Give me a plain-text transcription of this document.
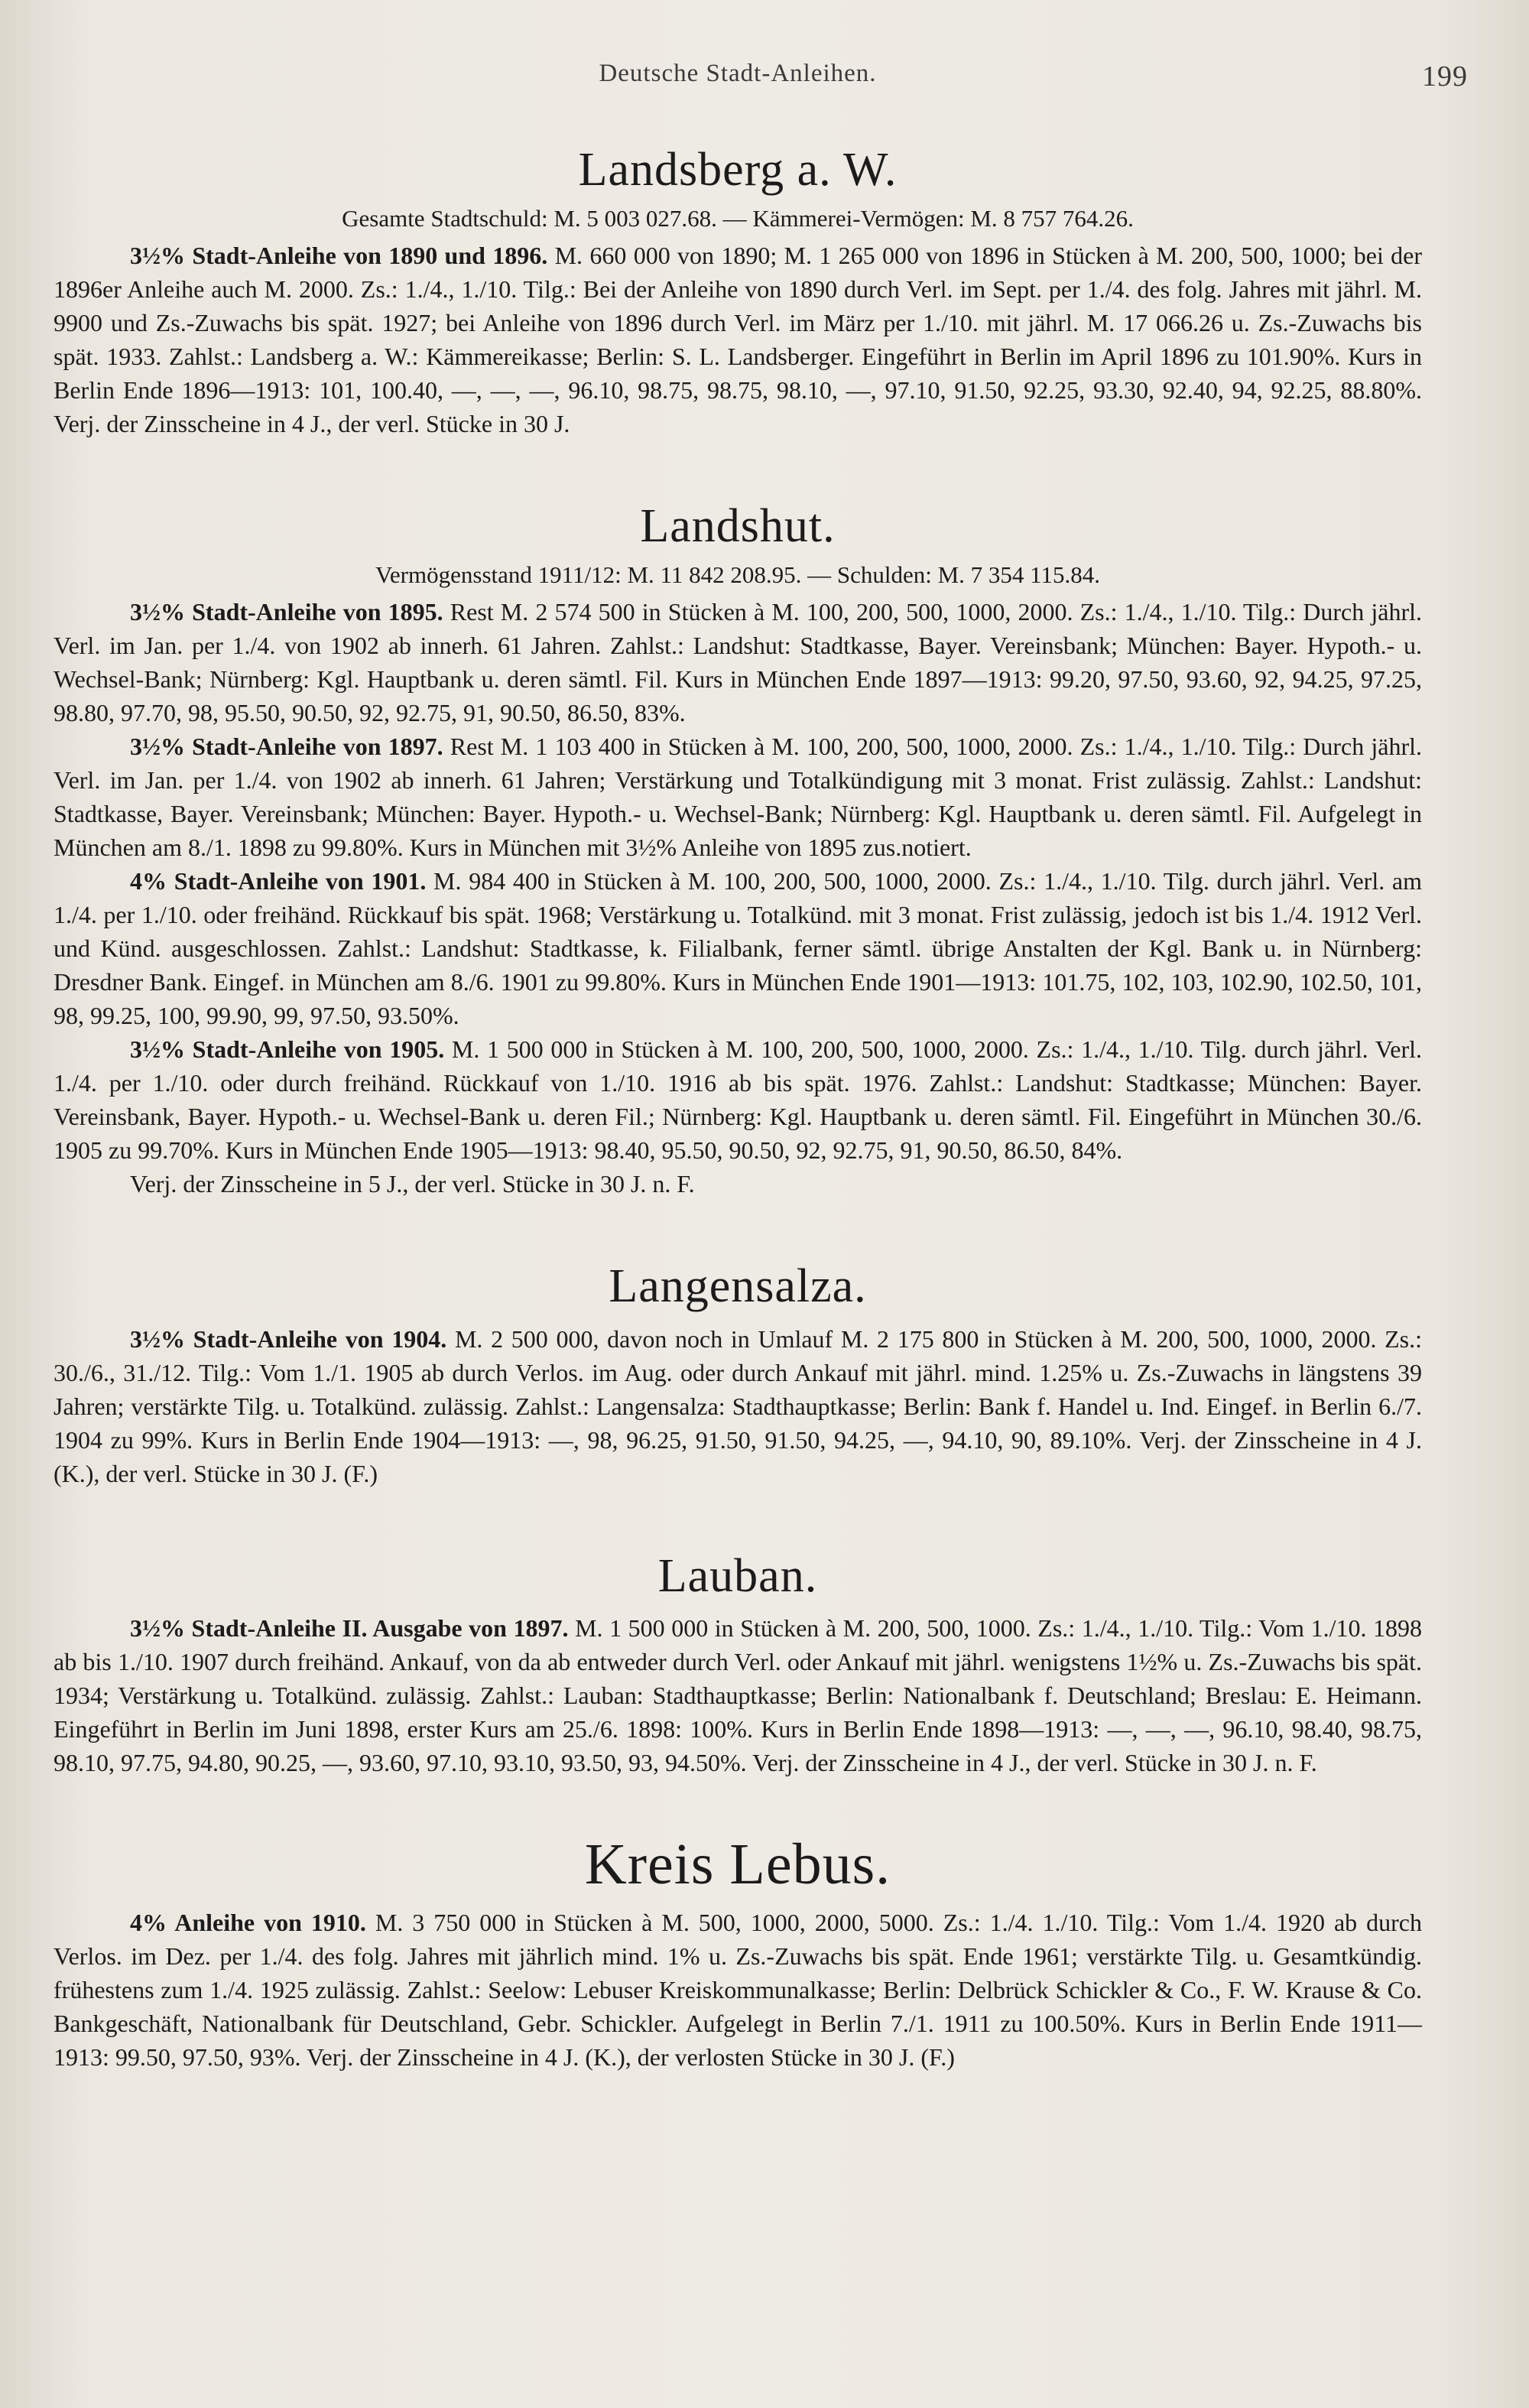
Deutsche Stadt-Anleihen.	199
Landsberg a. W.
Gesamte Stadtschuld: M. 5 003 027.68. — Kämmerei-Vermögen: M. 8 757 764.26.

3½% Stadt-Anleihe von 1890 und 1896. M. 660 000 von 1890; M. 1 265 000 von 1896 in Stücken à M. 200, 500, 1000; bei der 1896er Anleihe auch M. 2000. Zs.: 1./4., 1./10. Tilg.: Bei der Anleihe von 1890 durch Verl. im Sept. per 1./4. des folg. Jahres mit jährl. M. 9900 und Zs.-Zuwachs bis spät. 1927; bei Anleihe von 1896 durch Verl. im März per 1./10. mit jährl. M. 17 066.26 u. Zs.-Zuwachs bis spät. 1933. Zahlst.: Landsberg a. W.: Kämmereikasse; Berlin: S. L. Landsberger. Eingeführt in Berlin im April 1896 zu 101.90%. Kurs in Berlin Ende 1896—1913: 101, 100.40, —, —, —, 96.10, 98.75, 98.75, 98.10, —, 97.10, 91.50, 92.25, 93.30, 92.40, 94, 92.25, 88.80%. Verj. der Zinsscheine in 4 J., der verl. Stücke in 30 J.

Landshut.
Vermögensstand 1911/12: M. 11 842 208.95. — Schulden: M. 7 354 115.84.

3½% Stadt-Anleihe von 1895. Rest M. 2 574 500 in Stücken à M. 100, 200, 500, 1000, 2000. Zs.: 1./4., 1./10. Tilg.: Durch jährl. Verl. im Jan. per 1./4. von 1902 ab innerh. 61 Jahren. Zahlst.: Landshut: Stadtkasse, Bayer. Vereinsbank; München: Bayer. Hypoth.- u. Wechsel-Bank; Nürnberg: Kgl. Hauptbank u. deren sämtl. Fil. Kurs in München Ende 1897—1913: 99.20, 97.50, 93.60, 92, 94.25, 97.25, 98.80, 97.70, 98, 95.50, 90.50, 92, 92.75, 91, 90.50, 86.50, 83%.

3½% Stadt-Anleihe von 1897. Rest M. 1 103 400 in Stücken à M. 100, 200, 500, 1000, 2000. Zs.: 1./4., 1./10. Tilg.: Durch jährl. Verl. im Jan. per 1./4. von 1902 ab innerh. 61 Jahren; Verstärkung und Totalkündigung mit 3 monat. Frist zulässig. Zahlst.: Landshut: Stadtkasse, Bayer. Vereinsbank; München: Bayer. Hypoth.- u. Wechsel-Bank; Nürnberg: Kgl. Hauptbank u. deren sämtl. Fil. Aufgelegt in München am 8./1. 1898 zu 99.80%. Kurs in München mit 3½% Anleihe von 1895 zus.notiert.

4% Stadt-Anleihe von 1901. M. 984 400 in Stücken à M. 100, 200, 500, 1000, 2000. Zs.: 1./4., 1./10. Tilg. durch jährl. Verl. am 1./4. per 1./10. oder freihänd. Rückkauf bis spät. 1968; Verstärkung u. Totalkünd. mit 3 monat. Frist zulässig, jedoch ist bis 1./4. 1912 Verl. und Künd. ausgeschlossen. Zahlst.: Landshut: Stadtkasse, k. Filialbank, ferner sämtl. übrige Anstalten der Kgl. Bank u. in Nürnberg: Dresdner Bank. Eingef. in München am 8./6. 1901 zu 99.80%. Kurs in München Ende 1901—1913: 101.75, 102, 103, 102.90, 102.50, 101, 98, 99.25, 100, 99.90, 99, 97.50, 93.50%.

3½% Stadt-Anleihe von 1905. M. 1 500 000 in Stücken à M. 100, 200, 500, 1000, 2000. Zs.: 1./4., 1./10. Tilg. durch jährl. Verl. 1./4. per 1./10. oder durch freihänd. Rückkauf von 1./10. 1916 ab bis spät. 1976. Zahlst.: Landshut: Stadtkasse; München: Bayer. Vereinsbank, Bayer. Hypoth.- u. Wechsel-Bank u. deren Fil.; Nürnberg: Kgl. Hauptbank u. deren sämtl. Fil. Eingeführt in München 30./6. 1905 zu 99.70%. Kurs in München Ende 1905—1913: 98.40, 95.50, 90.50, 92, 92.75, 91, 90.50, 86.50, 84%.

Verj. der Zinsscheine in 5 J., der verl. Stücke in 30 J. n. F.

Langensalza.

3½% Stadt-Anleihe von 1904. M. 2 500 000, davon noch in Umlauf M. 2 175 800 in Stücken à M. 200, 500, 1000, 2000. Zs.: 30./6., 31./12. Tilg.: Vom 1./1. 1905 ab durch Verlos. im Aug. oder durch Ankauf mit jährl. mind. 1.25% u. Zs.-Zuwachs in längstens 39 Jahren; verstärkte Tilg. u. Totalkünd. zulässig. Zahlst.: Langensalza: Stadthauptkasse; Berlin: Bank f. Handel u. Ind. Eingef. in Berlin 6./7. 1904 zu 99%. Kurs in Berlin Ende 1904—1913: —, 98, 96.25, 91.50, 91.50, 94.25, —, 94.10, 90, 89.10%. Verj. der Zinsscheine in 4 J. (K.), der verl. Stücke in 30 J. (F.)

Lauban.

3½% Stadt-Anleihe II. Ausgabe von 1897. M. 1 500 000 in Stücken à M. 200, 500, 1000. Zs.: 1./4., 1./10. Tilg.: Vom 1./10. 1898 ab bis 1./10. 1907 durch freihänd. Ankauf, von da ab entweder durch Verl. oder Ankauf mit jährl. wenigstens 1½% u. Zs.-Zuwachs bis spät. 1934; Verstärkung u. Totalkünd. zulässig. Zahlst.: Lauban: Stadthauptkasse; Berlin: Nationalbank f. Deutschland; Breslau: E. Heimann. Eingeführt in Berlin im Juni 1898, erster Kurs am 25./6. 1898: 100%. Kurs in Berlin Ende 1898—1913: —, —, —, 96.10, 98.40, 98.75, 98.10, 97.75, 94.80, 90.25, —, 93.60, 97.10, 93.10, 93.50, 93, 94.50%. Verj. der Zinsscheine in 4 J., der verl. Stücke in 30 J. n. F.

Kreis Lebus.

4% Anleihe von 1910. M. 3 750 000 in Stücken à M. 500, 1000, 2000, 5000. Zs.: 1./4. 1./10. Tilg.: Vom 1./4. 1920 ab durch Verlos. im Dez. per 1./4. des folg. Jahres mit jährlich mind. 1% u. Zs.-Zuwachs bis spät. Ende 1961; verstärkte Tilg. u. Gesamtkündig. frühestens zum 1./4. 1925 zulässig. Zahlst.: Seelow: Lebuser Kreiskommunalkasse; Berlin: Delbrück Schickler & Co., F. W. Krause & Co. Bankgeschäft, Nationalbank für Deutschland, Gebr. Schickler. Aufgelegt in Berlin 7./1. 1911 zu 100.50%. Kurs in Berlin Ende 1911—1913: 99.50, 97.50, 93%. Verj. der Zinsscheine in 4 J. (K.), der verlosten Stücke in 30 J. (F.)
